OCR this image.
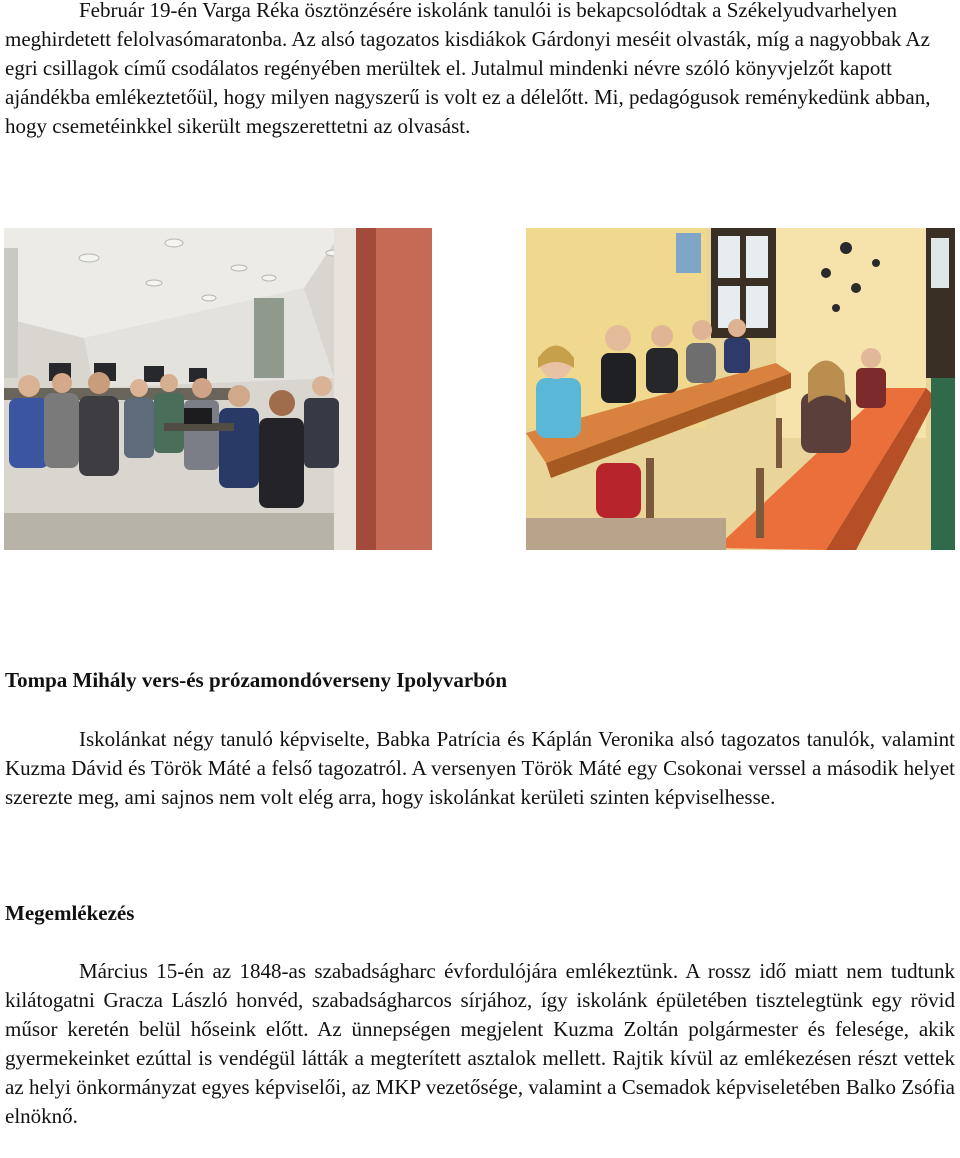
Február 19-én Varga Réka ösztönzésére iskolánk tanulói is bekapcsolódtak a Székelyudvarhelyen meghirdetett felolvasómaratonba. Az alsó tagozatos kisdiákok Gárdonyi meséit olvasták, míg a nagyobbak Az egri csillagok című csodálatos regényében merültek el. Jutalmul mindenki névre szóló könyvjelzőt kapott ajándékba emlékeztetőül, hogy milyen nagyszerű is volt ez a délelőtt. Mi, pedagógusok reménykedünk abban, hogy csemetéinkkel sikerült megszerettetni az olvasást.

Tompa Mihály vers-és prózamondóverseny Ipolyvarbón

Iskolánkat négy tanuló képviselte, Babka Patrícia és Káplán Veronika alsó tagozatos tanulók, valamint Kuzma Dávid és Török Máté a felső tagozatról. A versenyen Török Máté egy Csokonai verssel a második helyet szerezte meg, ami sajnos nem volt elég arra, hogy iskolánkat kerületi szinten képviselhesse.

Megemlékezés

Március 15-én az 1848-as szabadságharc évfordulójára emlékeztünk. A rossz idő miatt nem tudtunk kilátogatni Gracza László honvéd, szabadságharcos sírjához, így iskolánk épületében tisztelegtünk egy rövid műsor keretén belül hőseink előtt. Az ünnepségen megjelent Kuzma Zoltán polgármester és felesége, akik gyermekeinket ezúttal is vendégül látták a megterített asztalok mellett. Rajtik kívül az emlékezésen részt vettek az helyi önkormányzat egyes képviselői, az MKP vezetősége, valamint a Csemadok képviseletében Balko Zsófia elnöknő.
